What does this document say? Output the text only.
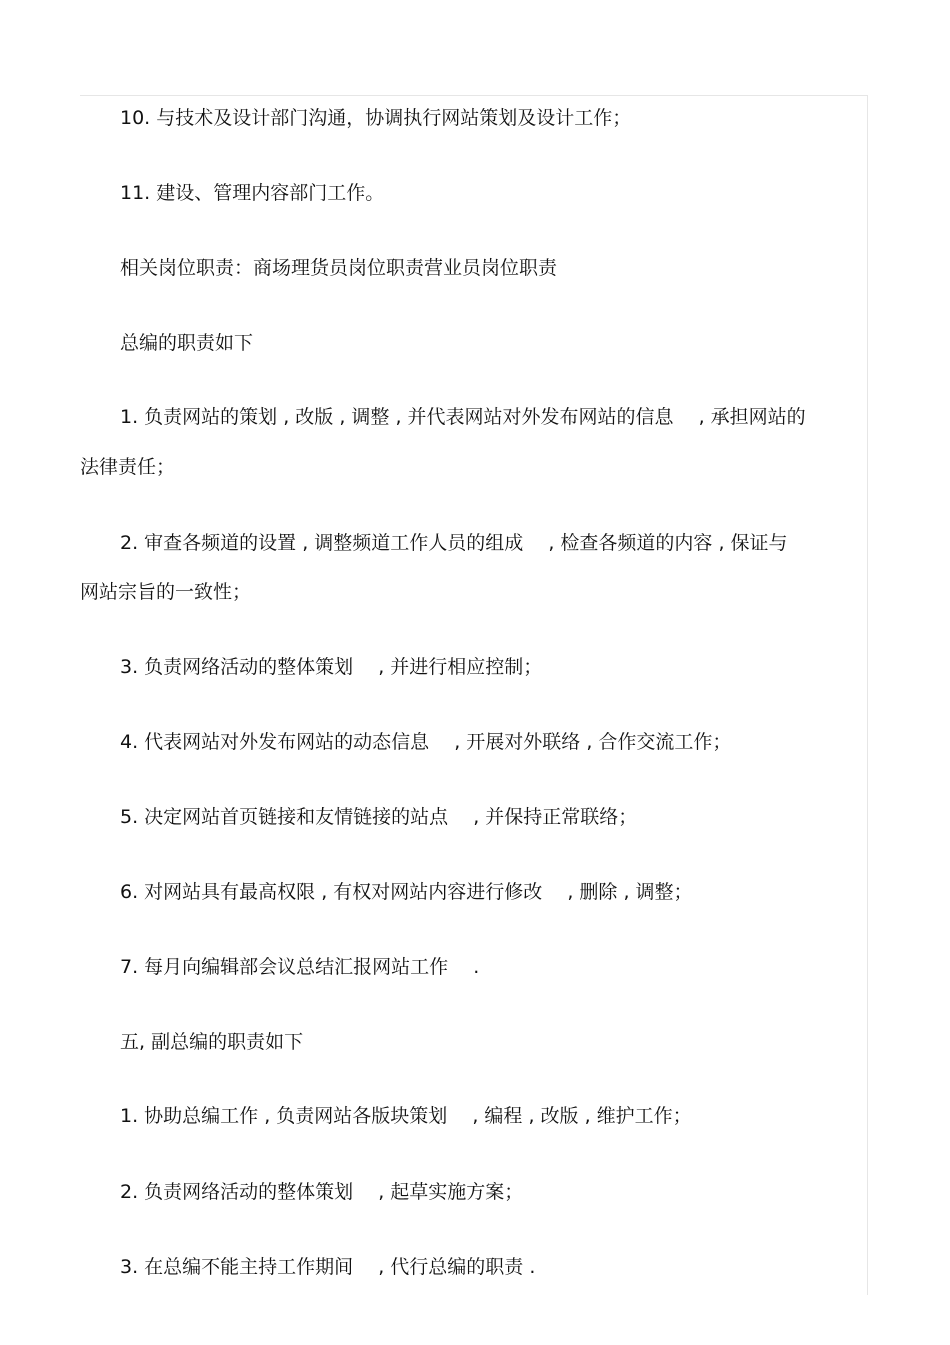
10. 与技术及设计部门沟通，协调执行网站策划及设计工作；
11. 建设、管理内容部门工作。
相关岗位职责：商场理货员岗位职责营业员岗位职责
总编的职责如下
1. 负责网站的策划 , 改版 , 调整 , 并代表网站对外发布网站的信息　 , 承担网站的
法律责任；
2. 审查各频道的设置 , 调整频道工作人员的组成 　, 检查各频道的内容 , 保证与
网站宗旨的一致性；
3. 负责网络活动的整体策划 　, 并进行相应控制；
4. 代表网站对外发布网站的动态信息 　, 开展对外联络 , 合作交流工作；
5. 决定网站首页链接和友情链接的站点 　, 并保持正常联络；
6. 对网站具有最高权限 , 有权对网站内容进行修改 　, 删除 , 调整；
7. 每月向编辑部会议总结汇报网站工作 　.
五, 副总编的职责如下
1. 协助总编工作 , 负责网站各版块策划 　, 编程 , 改版 , 维护工作；
2. 负责网络活动的整体策划 　, 起草实施方案；
3. 在总编不能主持工作期间 　, 代行总编的职责 .
